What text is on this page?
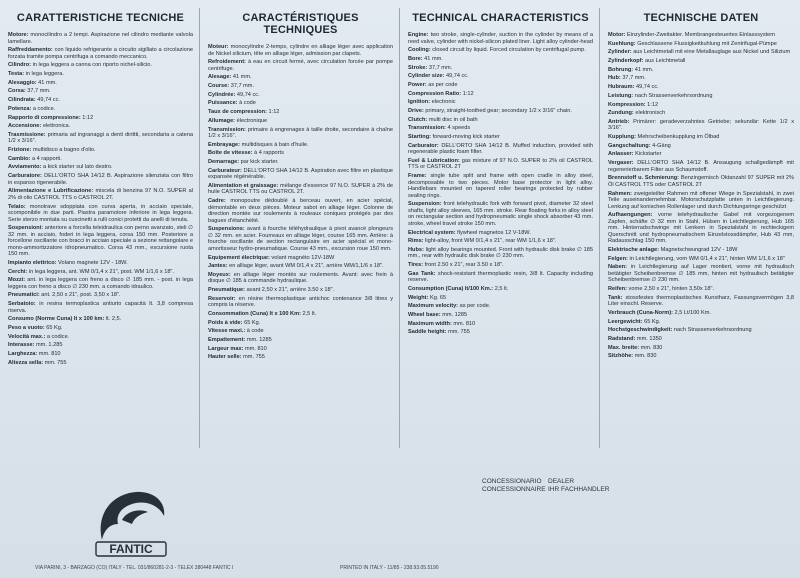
CARATTERISTICHE TECNICHE
Motore: monocilindro a 2 tempi. Aspirazione nel cilindro mediante valvola lamellare.
Raffreddamento: con liquido refrigerante a circuito sigillato a circolazione forzata tramite pompa centrifuga a comando meccanico.
Cilindro: in lega leggera a canna con riporto nichel-silicio.
Testa: in lega leggera.
Alesaggio: 41 mm.
Corsa: 37,7 mm.
Cilindrata: 49,74 cc.
Potenza: a codice.
Rapporto di compressione: 1:12
Accensione: elettronica.
Trasmissione: primaria ad ingranaggi a denti dirittti, secondaria a catena 1/2 x 3/16".
Frizione: multidisco a bagno d'olio.
Cambio: a 4 rapporti.
Avviamento: a kick starter sul lato destro.
Carburatore: DELL'ORTO SHA 14/12 B. Aspirazione silenziata con filtro in espanso rigenerabile.
Alimentazione e Lubrificazione: miscela di benzina 97 N.O. SUPER al 2% di olio CASTROL TTS o CASTROL 2T.
Telaio: monotrave sdoppiata con curva aperta, in acciaio speciale, scomponibile in due parti. Piastra paramotore inferiore in lega leggera. Serie sterzo montata su cuscinetti a rulli conici protetti da anelli di tenuta.
Sospensioni: anteriore a forcella teleidraulica con perno avanzato, steli ∅ 32 mm. in acciaio, foderi in lega leggera, corsa 150 mm. Posteriore a forcellone oscillante con bracci in acciaio speciale a sezione rettangolare e mono-ammortizzatore idropneumatico. Corsa 43 mm., escursione ruota 150 mm.
Impianto elettrico: Volano magnete 12V - 18W.
Cerchi: in lega leggera, ant. WM 0/1,4 x 21", post. WM 1/1,6 x 18".
Mozzi: ant. in lega leggera con freno a disco ∅ 185 mm. - post. in lega leggera con freno a disco ∅ 230 mm. a comando idraulico.
Pneumatici: ant. 2,50 x 21", post. 3,50 x 18".
Serbatoio: in resina termoplastica antiurto capacità lt. 3,8 compresa riserva.
Consumo (Norme Cuna) lt x 100 km: lt. 2,5.
Peso a vuoto: 65 Kg.
Velocità max.: a codice.
Interasse: mm. 1.285
Larghezza: mm. 810
Altezza sella: mm. 755
CARACTÉRISTIQUES TECHNIQUES
Moteur: monocylindre 2-temps, cylindre en alliage léger avec application de Nickel silicium, tête en alliage léger, admission par clapets.
Refroidement: à eau en circuit fermé, avec circulation forcée par pompe centrifuge.
Alesage: 41 mm.
Course: 37,7 mm.
Cylindrée: 49,74 cc.
Puissance: à code
Taux de compression: 1:12
Allumage: électronique
Transmission: primaire à engrenages à taille droite, secondaire à chaîne 1/2 x 3/16".
Embrayage: multidisques à bain d'huile.
Boîte de vitesse: à 4 rapports
Demarrage: par kick starter.
Carburateur: DELL'ORTO SHA 14/12 B. Aspiration avec filtre en plastique expansée régénérable.
Alimentation et graissage: mélange d'essence 97 N.O. SUPER à 2% de huile CASTROL TTS ou CASTROL 2T.
Cadre: monopoutre dédoublé à berceau ouvert, en acier spécial, démontable en deux pièces. Moteur sabot en alliage léger. Colonne de direction montée sur roulements à rouleaux coniques protégés par des bagues d'étanchéité.
Suspensions: avant à fourche téléhydraulique à pivot avancé plongeurs ∅ 32 mm. en acier. Fourreaux en alliage léger, course 165 mm. Arrière: à fourche oscillante de section rectangulaire en acier spécial et mono-amortisseur hydro-pneumatique. Course 43 mm., excursion roue 150 mm.
Equipement électrique: volant magnéto 12V-18W
Jantes: en alliage léger, avant WM 0/1,4 x 21", arrière WM/1,1/6 x 18".
Moyeux: en alliage léger montés sur roulements. Avant: avec frein à disque ∅ 185 à commande hydraulique.
Pneumatique: avant 2,50 x 21", arrière 3.50 x 18".
Reservoir: en résine thermoplastique antichoc contenance 3/8 litres y compris la réserve.
Consommation (Cuna) lt x 100 Km: 2,5 lt.
Poids à vide: 65 Kg.
Vitesse maxi.: à code
Empattement: mm. 1285
Largeur max: mm. 810
Hauter selle: mm. 755
TECHNICAL CHARACTERISTICS
Engine: two stroke, single-cylinder, suction in the cylinder by means of a reed valve, cylinder with nickel-silicon plated liner. Light alloy cylinder-head
Cooling: closed circuit by liquid. Forced circulation by centrifugal pump.
Bore: 41 mm.
Stroke: 37,7 mm.
Cylinder size: 49,74 cc.
Power: as per code
Compression Ratio: 1:12
Ignition: electronic
Drive: primary, straight-toothed gear; secondary 1/2 x 3/16" chain.
Clutch: multi disc in oil bath
Transmission: 4 speeds
Starting: forward-moving kick starter
Carburator: DELL'ORTO SHA 14/12 B. Muffed induction, provided with regenerable plastic foam filter.
Fuel & Lubrication: gas mixture of 97 N.O. SUPER to 2% oil CASTROL TTS or CASTROL 2T
Frame: single tube split and frame with open cradle in alloy steel, decomposable to two pieces. Motor base protector in light alloy. Handlebars mounted on tapered roller bearings protected by rubber sealing rings.
Suspension: front telehydraulic fork with forward pivot, diameter 32 steel shafts, light alloy sleeves, 165 mm. stroke. Rear floating forks in alloy steel on rectangular section and hydropneumatic single shock absorber 43 mm. stroke, wheel travel stroke 150 mm.
Electrical system: flywheel magnetos 12 V-18W.
Rims: light-alloy, front WM 0/1,4 x 21", rear WM 1/1,6 x 18".
Hubs: light alloy bearings mounted. Front with hydraulic disk brake ∅ 185 mm., rear with hydraulic disk brake ∅ 230 mm.
Tires: front 2.50 x 21", rear 3.50 x 18".
Gas Tank: shock-resistant thermoplastic resin, 3/8 lt. Capacity including reserve.
Consumption (Cuna) lt/100 Km.: 2,5 lt.
Weight: Kg. 65
Maximum velocity: as per code.
Wheel base: mm. 1285
Maximum width: mm. 810
Saddle height: mm. 755
TECHNISCHE DATEN
Motor: Einzylinder-Zweitakter. Membrangesteuertes Einlasssystem
Kuehlung: Geschlassene Flussigkeitkuhlung mit Zentrifugal-Pümpe
Zylinder: aus Leichtmetall mit eine Metallauglage aus Nickel und Silizium
Zylinderkopf: aus Leichtmetall
Bohrung: 41 mm.
Hub: 37,7 mm.
Hubraum: 49,74 cc.
Leistung: nach Strassenverkehrsordnung
Kompression: 1:12
Zundung: elektronisch
Antrieb: Primärer: geradeverzahntes Getriebe; sekundär: Kette 1/2 x 3/16".
Kupplung: Mehrscheibenkupplung im Ölbad
Gangschaltung: 4-Gäng
Anlasser: Kickstarter
Vergaser: DELL'ORTO SHA 14/12 B. Ansaugung schallgedämpft mit regenerierbarem Filter aus Schaumstoff.
Brennstoff u. Schmierung: Benzingemisch Oktanzahl 97 SUPER mit 2% Öl CASTROL TTS oder CASTROL 2T
Rahmen: zweigeteilter Rahmen mit offener Wiege in Spezialstahl, in zwei Teile auseinandernehmbar. Motorschutzplatte unten in Leichtlegierung. Lenkung auf konischen Rollenlager und durch Dichtungsringe geschützt
Aufhaengungen: vorne telehydraulische Gabel mit vorgezogenem Zapfen, schäfte ∅ 32 mm in Stahl, Hülsen in Leichtlegierung, Hub 165 mm. Hinterradschwinge mit Lenkern in Spezialstahl in rechteckigem Querschnitt und hydropneumatischem Einzelstossdämpfer, Hub 43 mm, Radausschlag 150 mm.
Elektrische anlage: Magnetschwungrad 12V - 18W
Felgen: in Leichtlegierung, vorn WM 0/1,4 x 21", hinten WM 1/1,6 x 18"
Naben: in Leichtlegierung auf Lager montiert, vorne mit hydraulisch betätigter Scheibenbremse ∅ 185 mm, hinten mit hydraulisch betätigter Scheibenbremse ∅ 230 mm.
Reifen: vorne 2,50 x 21", hinten 3,50x 18".
Tank: stossfestes thermoplastisches Kunstharz, Fassungsvermögen 3,8 Liter einschl. Reserve.
Verbrauch (Cuna-Norm): 2,5 Lt/100 Km.
Leergewicht: 65 Kg.
Hochstgeschwindigkeit: nach Strassenverkehrsordnung
Radstand: mm. 1350
Max. breite: mm. 830
Sitzhöhe: mm. 830
FANTIC
CONCESSIONARIO DEALER
CONCESSIONNAIRE IHR FACHHANDLER
VIA PARINI, 3 - BARZAGO (CO) ITALY - TEL. 031/860281-2-3 - TELEX 380448 FANTIC I	PRINTED IN ITALY - 11/85 - 238.93.05.5190
